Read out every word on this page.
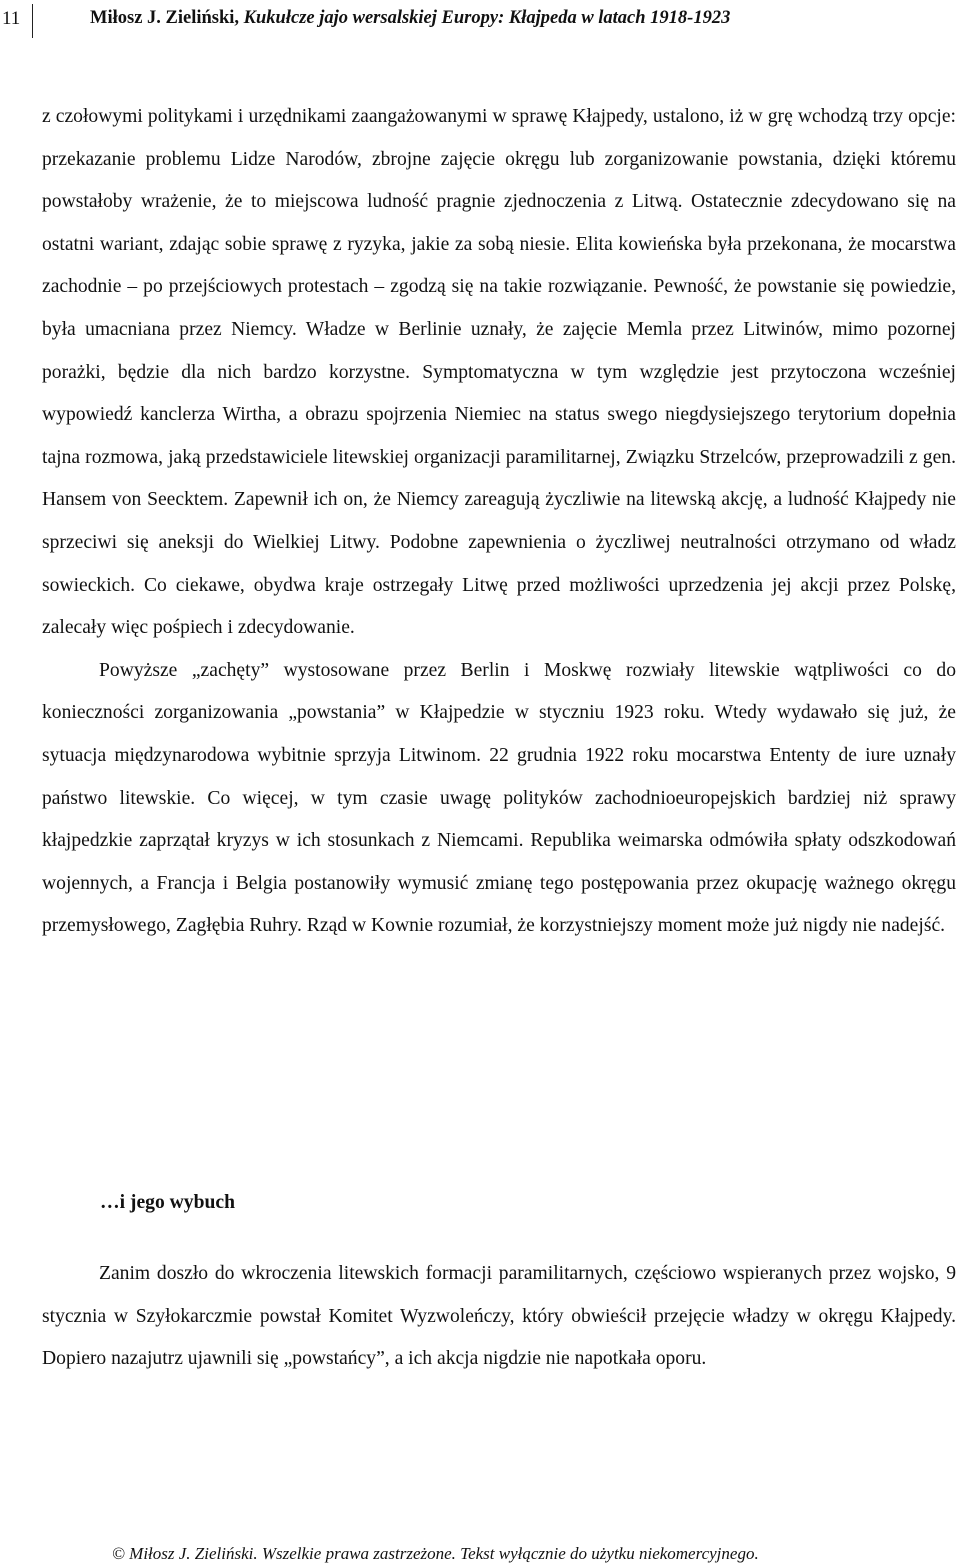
11	Miłosz J. Zieliński, Kukułcze jajo wersalskiej Europy: Kłajpeda w latach 1918-1923

z czołowymi politykami i urzędnikami zaangażowanymi w sprawę Kłajpedy, ustalono, iż w grę wchodzą trzy opcje: przekazanie problemu Lidze Narodów, zbrojne zajęcie okręgu lub zorganizowanie powstania, dzięki któremu powstałoby wrażenie, że to miejscowa ludność pragnie zjednoczenia z Litwą. Ostatecznie zdecydowano się na ostatni wariant, zdając sobie sprawę z ryzyka, jakie za sobą niesie. Elita kowieńska była przekonana, że mocarstwa zachodnie – po przejściowych protestach – zgodzą się na takie rozwiązanie. Pewność, że powstanie się powiedzie, była umacniana przez Niemcy. Władze w Berlinie uznały, że zajęcie Memla przez Litwinów, mimo pozornej porażki, będzie dla nich bardzo korzystne. Symptomatyczna w tym względzie jest przytoczona wcześniej wypowiedź kanclerza Wirtha, a obrazu spojrzenia Niemiec na status swego niegdysiejszego terytorium dopełnia tajna rozmowa, jaką przedstawiciele litewskiej organizacji paramilitarnej, Związku Strzelców, przeprowadzili z gen. Hansem von Seecktem. Zapewnił ich on, że Niemcy zareagują życzliwie na litewską akcję, a ludność Kłajpedy nie sprzeciwi się aneksji do Wielkiej Litwy. Podobne zapewnienia o życzliwej neutralności otrzymano od władz sowieckich. Co ciekawe, obydwa kraje ostrzegały Litwę przed możliwości uprzedzenia jej akcji przez Polskę, zalecały więc pośpiech i zdecydowanie.

Powyższe „zachęty” wystosowane przez Berlin i Moskwę rozwiały litewskie wątpliwości co do konieczności zorganizowania „powstania” w Kłajpedzie w styczniu 1923 roku. Wtedy wydawało się już, że sytuacja międzynarodowa wybitnie sprzyja Litwinom. 22 grudnia 1922 roku mocarstwa Ententy de iure uznały państwo litewskie. Co więcej, w tym czasie uwagę polityków zachodnioeuropejskich bardziej niż sprawy kłajpedzkie zaprzątał kryzys w ich stosunkach z Niemcami. Republika weimarska odmówiła spłaty odszkodowań wojennych, a Francja i Belgia postanowiły wymusić zmianę tego postępowania przez okupację ważnego okręgu przemysłowego, Zagłębia Ruhry. Rząd w Kownie rozumiał, że korzystniejszy moment może już nigdy nie nadejść.

…i jego wybuch

Zanim doszło do wkroczenia litewskich formacji paramilitarnych, częściowo wspieranych przez wojsko, 9 stycznia w Szyłokarczmie powstał Komitet Wyzwoleńczy, który obwieścił przejęcie władzy w okręgu Kłajpedy. Dopiero nazajutrz ujawnili się „powstańcy”, a ich akcja nigdzie nie napotkała oporu.

© Miłosz J. Zieliński. Wszelkie prawa zastrzeżone. Tekst wyłącznie do użytku niekomercyjnego.
